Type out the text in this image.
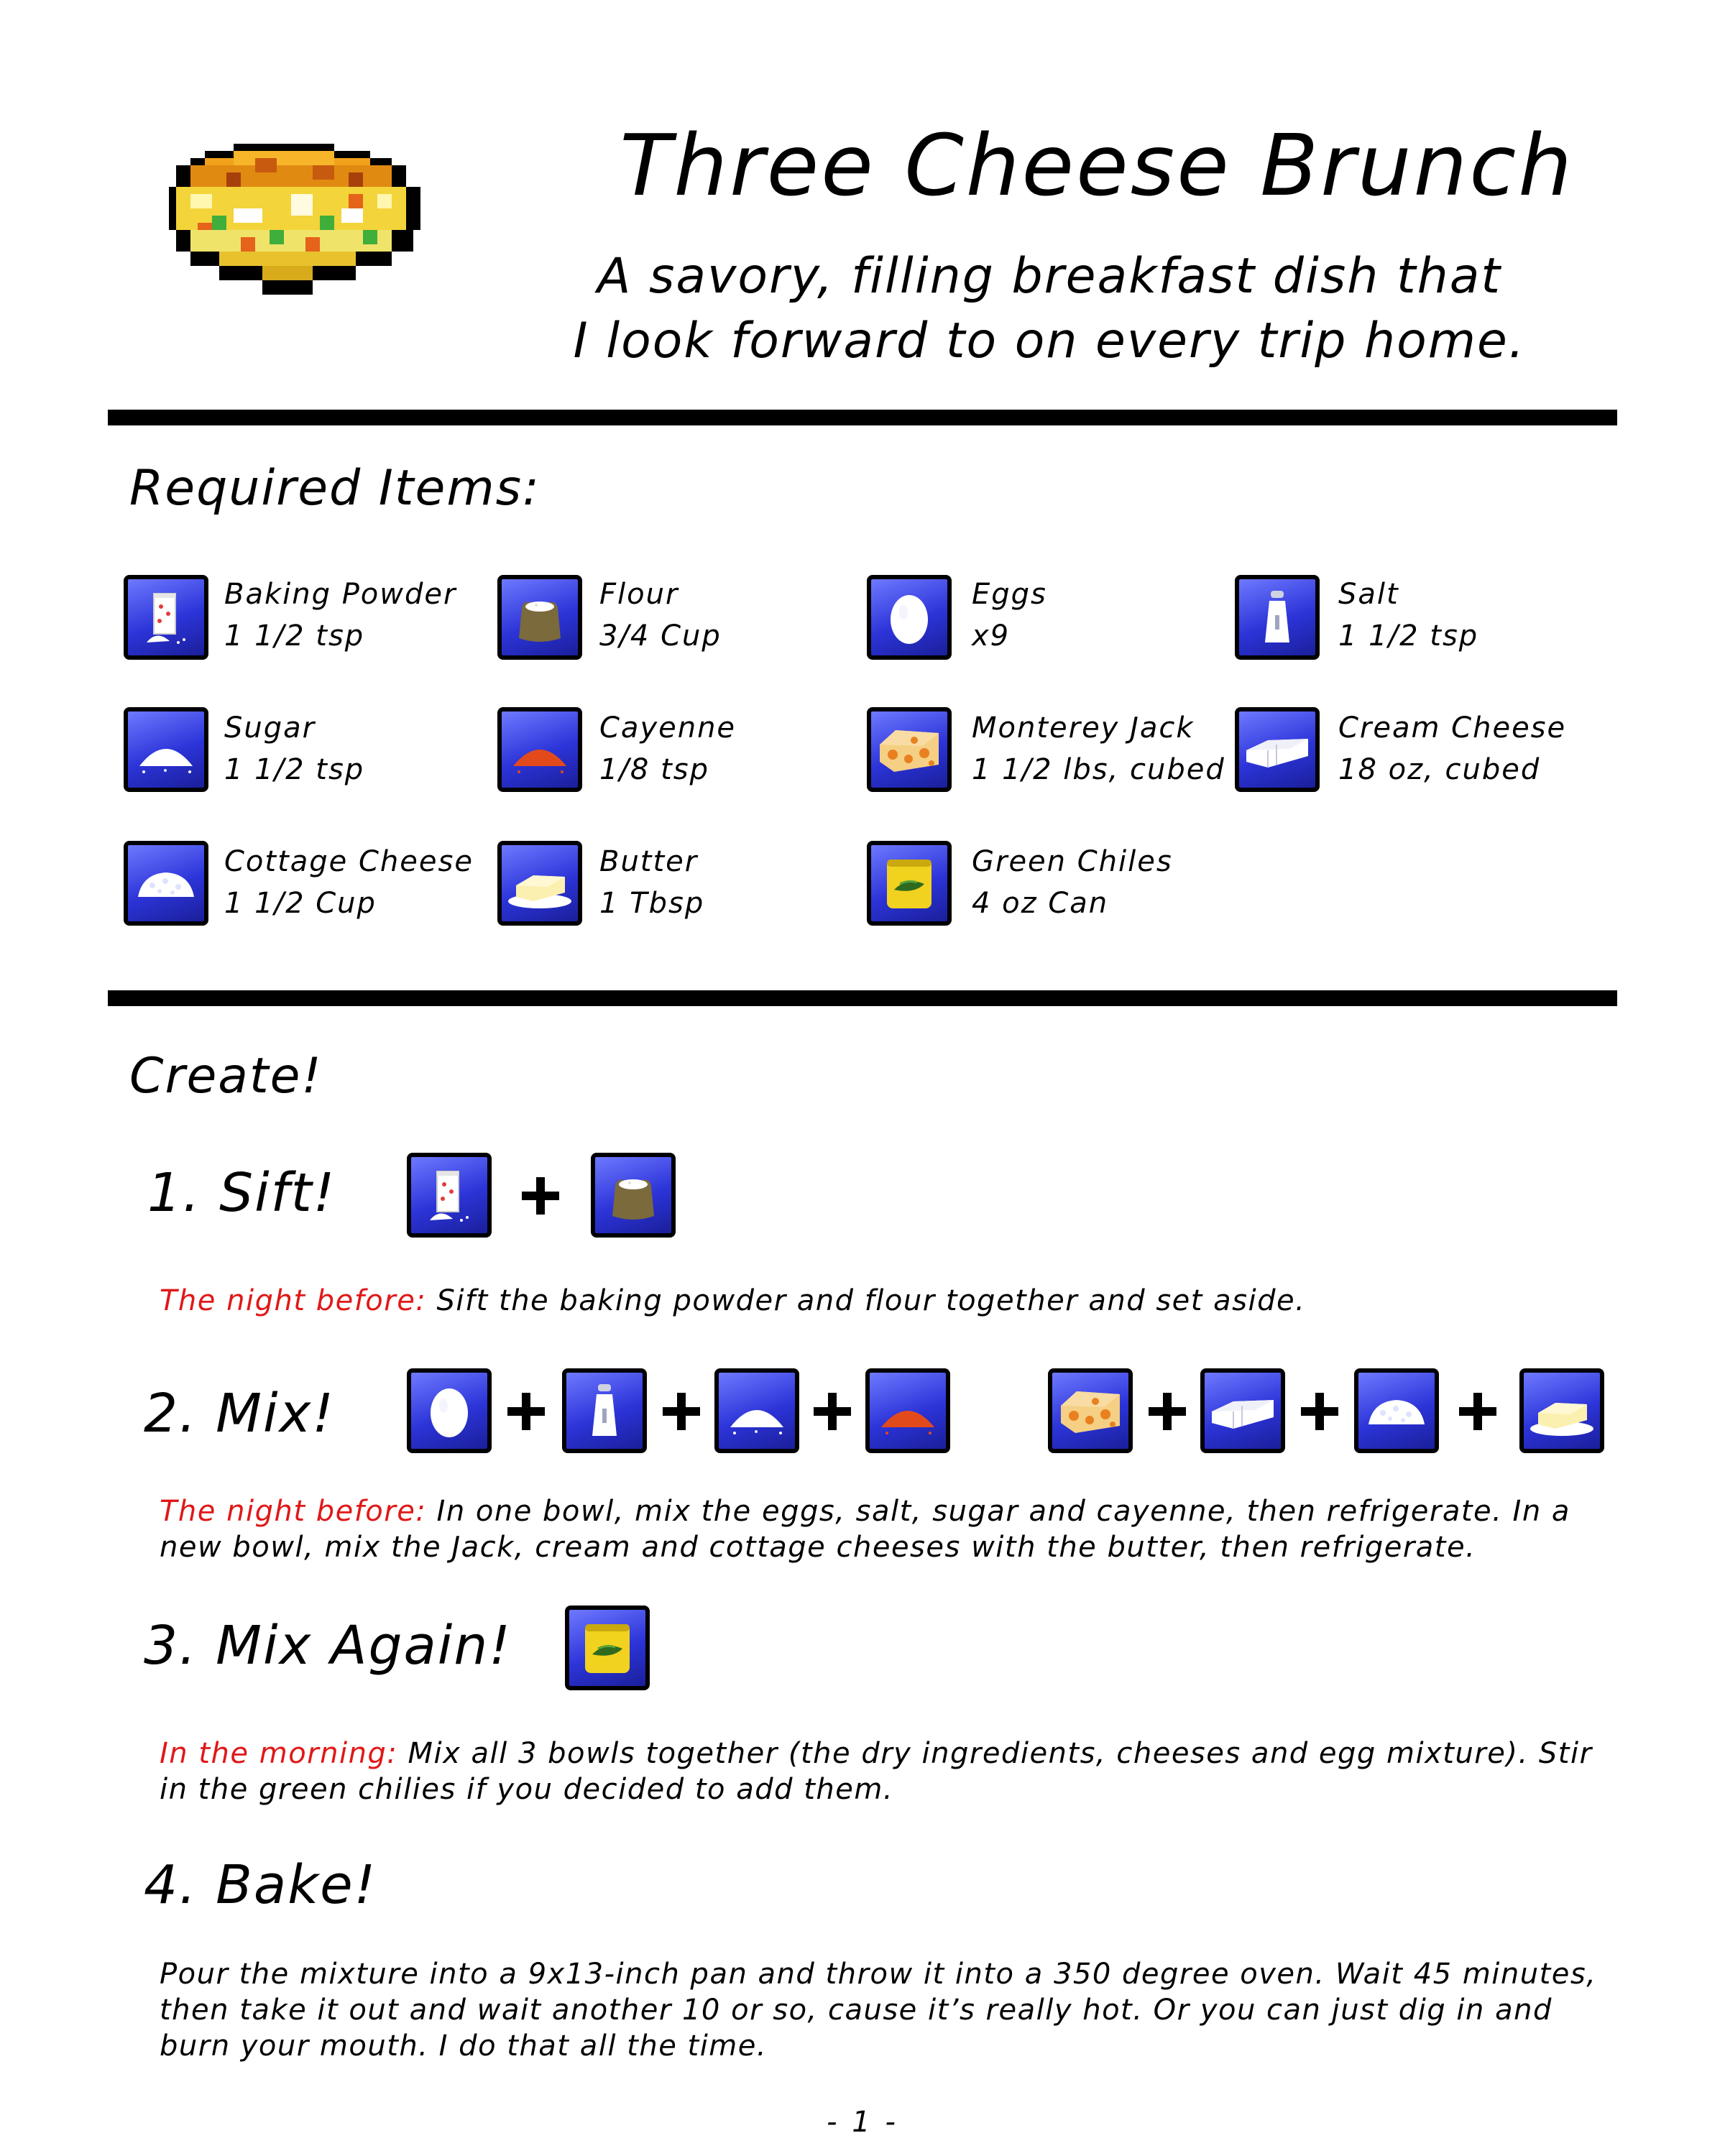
Three Cheese Brunch
A savory, filling breakfast dish that
I look forward to on every trip home.
Required Items:
Baking Powder
1 1/2 tsp
Flour
3/4 Cup
Eggs
x9
Salt
1 1/2 tsp
Sugar
1 1/2 tsp
Cayenne
1/8 tsp
Monterey Jack
1 1/2 lbs, cubed
Cream Cheese
18 oz, cubed
Cottage Cheese
1 1/2 Cup
Butter
1 Tbsp
Green Chiles
4 oz Can
Create!
1. Sift!
The night before: Sift the baking powder and flour together and set aside.
2. Mix!
The night before: In one bowl, mix the eggs, salt, sugar and cayenne, then refrigerate. In a new bowl, mix the Jack, cream and cottage cheeses with the butter, then refrigerate.
3. Mix Again!
In the morning: Mix all 3 bowls together (the dry ingredients, cheeses and egg mixture). Stir in the green chilies if you decided to add them.
4. Bake!
Pour the mixture into a 9x13-inch pan and throw it into a 350 degree oven. Wait 45 minutes, then take it out and wait another 10 or so, cause it’s really hot. Or you can just dig in and burn your mouth. I do that all the time.
- 1 -
